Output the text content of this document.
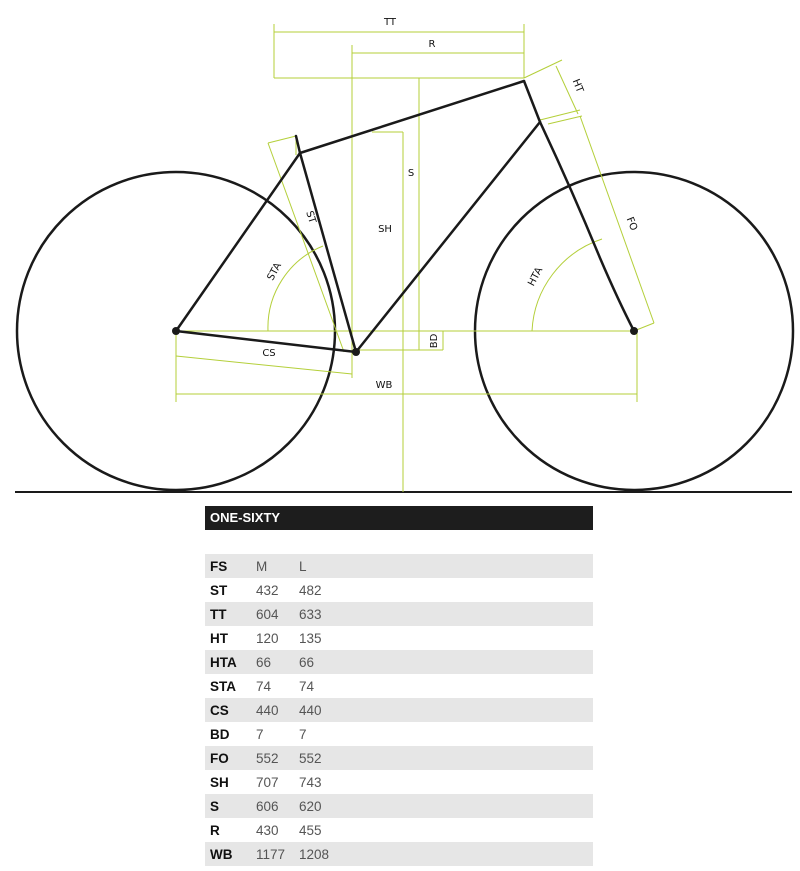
TT
R
HT
S
SH
ST
STA	HTA
FO
BD
CS
WB
ONE-SIXTY
FS	M	L
ST	432	482
TT	604	633
HT	120	135
HTA	66	66
STA	74	74
CS	440	440
BD	7	7
FO	552	552
SH	707	743
S	606	620
R	430	455
WB	1177	1208
